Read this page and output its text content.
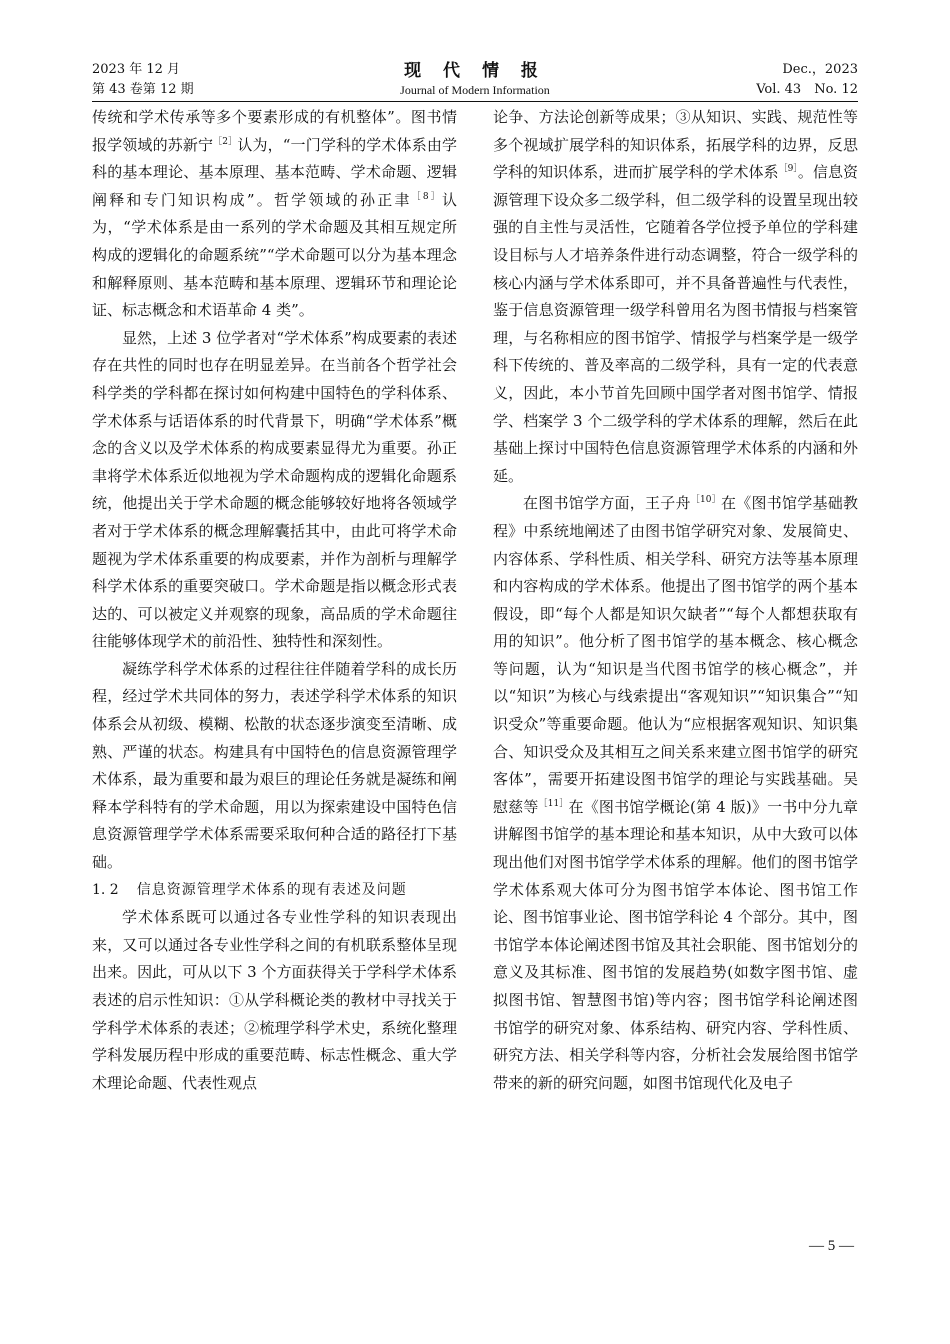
2023 年 12 月
第 43 卷第 12 期
现 代 情 报
Journal of Modern Information
Dec.，2023
Vol. 43　No. 12

传统和学术传承等多个要素形成的有机整体”。图书情报学领域的苏新宁$^{[2]}$认为，“一门学科的学术体系由学科的基本理论、基本原理、基本范畴、学术命题、逻辑阐释和专门知识构成”。哲学领域的孙正聿$^{[8]}$认为，“学术体系是由一系列的学术命题及其相互规定所构成的逻辑化的命题系统”“学术命题可以分为基本理念和解释原则、基本范畴和基本原理、逻辑环节和理论论证、标志概念和术语革命 4 类”。

显然，上述 3 位学者对“学术体系”构成要素的表述存在共性的同时也存在明显差异。在当前各个哲学社会科学类的学科都在探讨如何构建中国特色的学科体系、学术体系与话语体系的时代背景下，明确“学术体系”概念的含义以及学术体系的构成要素显得尤为重要。孙正聿将学术体系近似地视为学术命题构成的逻辑化命题系统，他提出关于学术命题的概念能够较好地将各领域学者对于学术体系的概念理解囊括其中，由此可将学术命题视为学术体系重要的构成要素，并作为剖析与理解学科学术体系的重要突破口。学术命题是指以概念形式表达的、可以被定义并观察的现象，高品质的学术命题往往能够体现学术的前沿性、独特性和深刻性。

凝练学科学术体系的过程往往伴随着学科的成长历程，经过学术共同体的努力，表述学科学术体系的知识体系会从初级、模糊、松散的状态逐步演变至清晰、成熟、严谨的状态。构建具有中国特色的信息资源管理学术体系，最为重要和最为艰巨的理论任务就是凝练和阐释本学科特有的学术命题，用以为探索建设中国特色信息资源管理学学术体系需要采取何种合适的路径打下基础。

1. 2 信息资源管理学术体系的现有表述及问题

学术体系既可以通过各专业性学科的知识表现出来，又可以通过各专业性学科之间的有机联系整体呈现出来。因此，可从以下 3 个方面获得关于学科学术体系表述的启示性知识：①从学科概论类的教材中寻找关于学科学术体系的表述；②梳理学科学术史，系统化整理学科发展历程中形成的重要范畴、标志性概念、重大学术理论命题、代表性观点

论争、方法论创新等成果；③从知识、实践、规范性等多个视域扩展学科的知识体系，拓展学科的边界，反思学科的知识体系，进而扩展学科的学术体系$^{[9]}$。信息资源管理下设众多二级学科，但二级学科的设置呈现出较强的自主性与灵活性，它随着各学位授予单位的学科建设目标与人才培养条件进行动态调整，符合一级学科的核心内涵与学术体系即可，并不具备普遍性与代表性，鉴于信息资源管理一级学科曾用名为图书情报与档案管理，与名称相应的图书馆学、情报学与档案学是一级学科下传统的、普及率高的二级学科，具有一定的代表意义，因此，本小节首先回顾中国学者对图书馆学、情报学、档案学 3 个二级学科的学术体系的理解，然后在此基础上探讨中国特色信息资源管理学术体系的内涵和外延。

在图书馆学方面，王子舟$^{[10]}$在《图书馆学基础教程》中系统地阐述了由图书馆学研究对象、发展简史、内容体系、学科性质、相关学科、研究方法等基本原理和内容构成的学术体系。他提出了图书馆学的两个基本假设，即“每个人都是知识欠缺者”“每个人都想获取有用的知识”。他分析了图书馆学的基本概念、核心概念等问题，认为“知识是当代图书馆学的核心概念”，并以“知识”为核心与线索提出“客观知识”“知识集合”“知识受众”等重要命题。他认为“应根据客观知识、知识集合、知识受众及其相互之间关系来建立图书馆学的研究客体”，需要开拓建设图书馆学的理论与实践基础。吴慰慈等$^{[11]}$在《图书馆学概论(第 4 版)》一书中分九章讲解图书馆学的基本理论和基本知识，从中大致可以体现出他们对图书馆学学术体系的理解。他们的图书馆学学术体系观大体可分为图书馆学本体论、图书馆工作论、图书馆事业论、图书馆学科论 4 个部分。其中，图书馆学本体论阐述图书馆及其社会职能、图书馆划分的意义及其标准、图书馆的发展趋势(如数字图书馆、虚拟图书馆、智慧图书馆)等内容；图书馆学科论阐述图书馆学的研究对象、体系结构、研究内容、学科性质、研究方法、相关学科等内容，分析社会发展给图书馆学带来的新的研究问题，如图书馆现代化及电子

— 5 —
